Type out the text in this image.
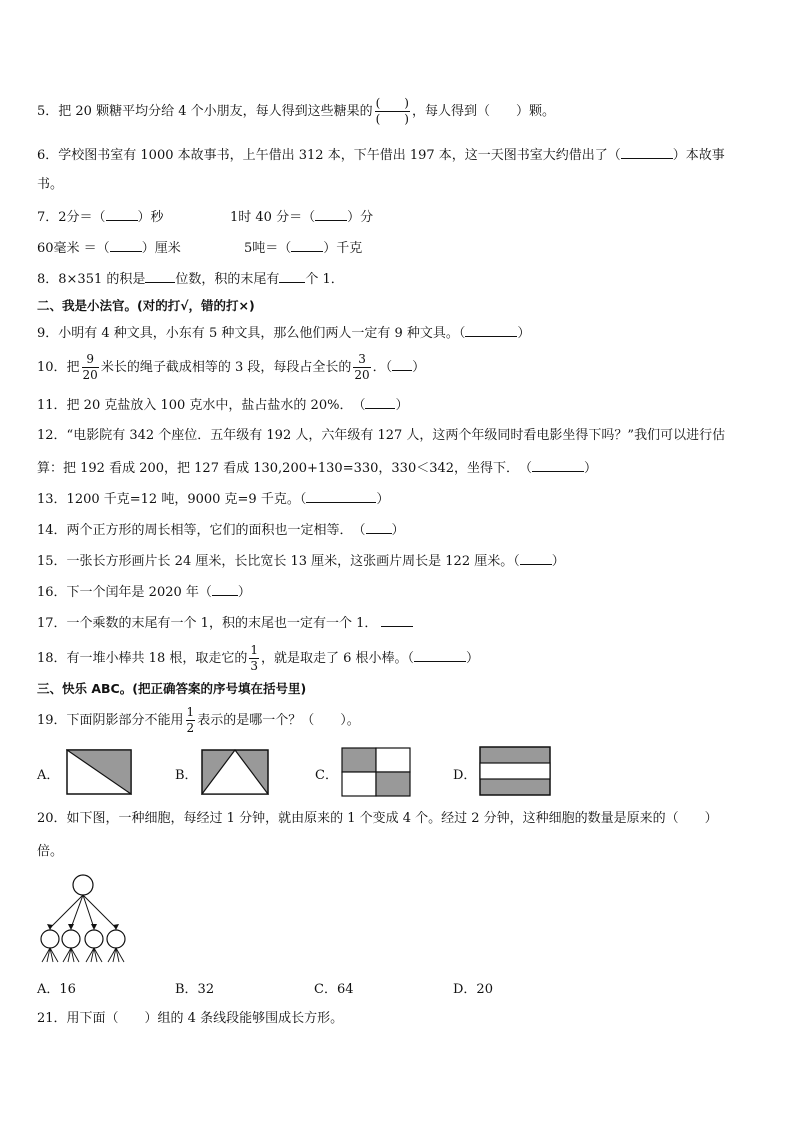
5．把 20 颗糖平均分给 4 个小朋友，每人得到这些糖果的 $\frac{( )}{( )}$ ，每人得到（　　）颗。
6．学校图书室有 1000 本故事书，上午借出 312 本，下午借出 197 本，这一天图书室大约借出了（	）本故事
书。
7．2分＝（ ）秒	1时 40 分＝（ ）分
60毫米 ＝（ ）厘米	5吨＝（ ）千克
8．8×351 的积是 位数，积的末尾有 个 1．
二、我是小法官。(对的打√，错的打×)
9．小明有 4 种文具，小东有 5 种文具，那么他们两人一定有 9 种文具。（	）
10．把 $\frac{9}{20}$ 米长的绳子截成相等的 3 段，每段占全长的 $\frac{3}{20}$ ．（ ）
11．把 20 克盐放入 100 克水中，盐占盐水的 20%．　（ ）
12．“电影院有 342 个座位．五年级有 192 人，六年级有 127 人，这两个年级同时看电影坐得下吗？”我们可以进行估
算：把 192 看成 200，把 127 看成 130,200+130=330，330＜342，坐得下．　（	）
13．1200 千克=12 吨，9000 克=9 千克。（	）
14．两个正方形的周长相等，它们的面积也一定相等．　（ ）
15．一张长方形画片长 24 厘米，长比宽长 13 厘米，这张画片周长是 122 厘米。（ ）
16．下一个闰年是 2020 年（ ）
17．一个乘数的末尾有一个 1，积的末尾也一定有一个 1．
18．有一堆小棒共 18 根，取走它的 $\frac{1}{3}$ ，就是取走了 6 根小棒。（	）
三、快乐 ABC。(把正确答案的序号填在括号里)
19．下面阴影部分不能用 $\frac{1}{2}$ 表示的是哪一个？（　　）。
A．	B．	C．	D．
20．如下图，一种细胞，每经过 1 分钟，就由原来的 1 个变成 4 个。经过 2 分钟，这种细胞的数量是原来的（　　）
倍。
A．16	B．32	C．64	D．20
21．用下面（　　）组的 4 条线段能够围成长方形。
